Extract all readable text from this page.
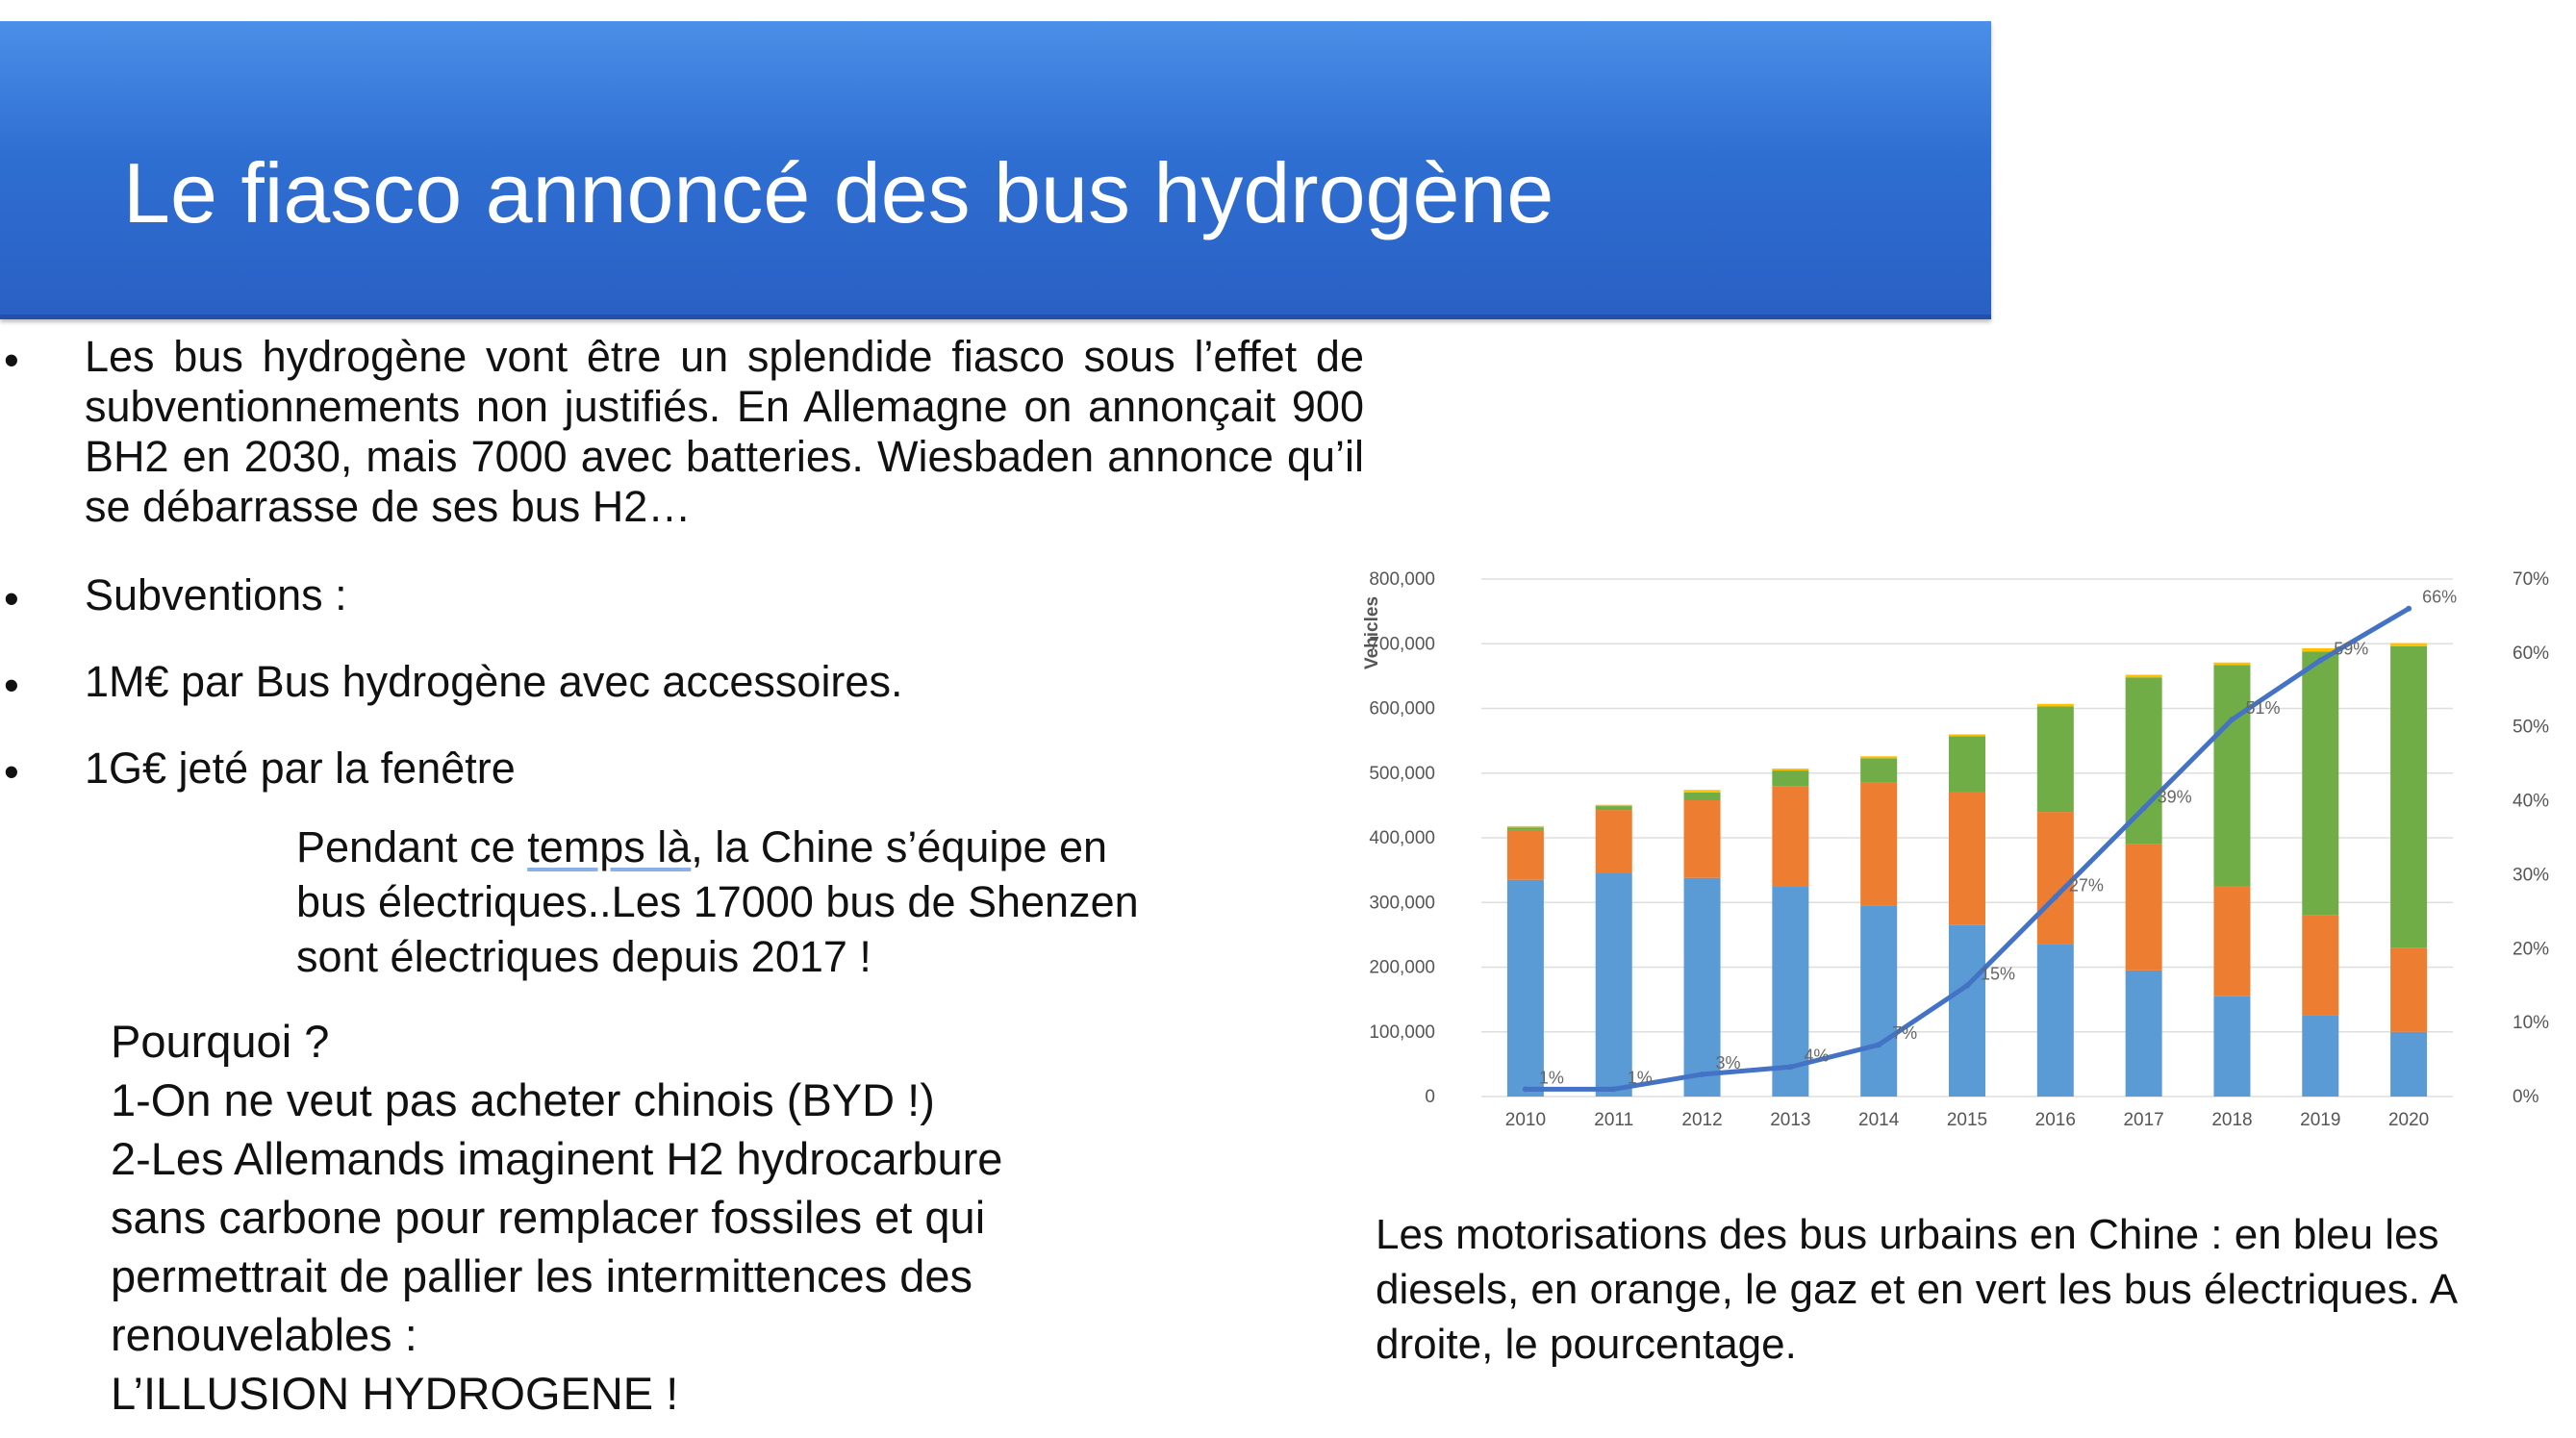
Le fiasco annoncé des bus hydrogène
• Les bus hydrogène vont être un splendide fiasco sous l’effet de subventionnements non justifiés. En Allemagne on annonçait 900 BH2 en 2030, mais 7000 avec batteries. Wiesbaden annonce qu’il se débarrasse de ses bus H2…
• Subventions :
• 1M€ par Bus hydrogène avec accessoires.
• 1G€ jeté par la fenêtre

Pendant ce temps là, la Chine s’équipe en

bus électriques..Les 17000 bus de Shenzen

sont électriques depuis 2017 !

Pourquoi ?

1-On ne veut pas acheter chinois (BYD !)

2-Les Allemands imaginent H2 hydrocarbure

sans carbone pour remplacer fossiles et qui

permettrait de pallier les intermittences des

renouvelables :

L’ILLUSION HYDROGENE !

0
100,000
200,000
300,000
400,000
500,000
600,000
700,000
800,000
0%
10%
20%
30%
40%
50%
60%
70%
2010	2011	2012	2013	2014	2015	2016	2017	2018	2019	2020
1%	1%
3%	4%
7%
15%
27%
39%
51%
59%
66%
Vehicles

Les motorisations des bus urbains en Chine : en bleu les

diesels, en orange, le gaz et en vert les bus électriques. A

droite, le pourcentage.
